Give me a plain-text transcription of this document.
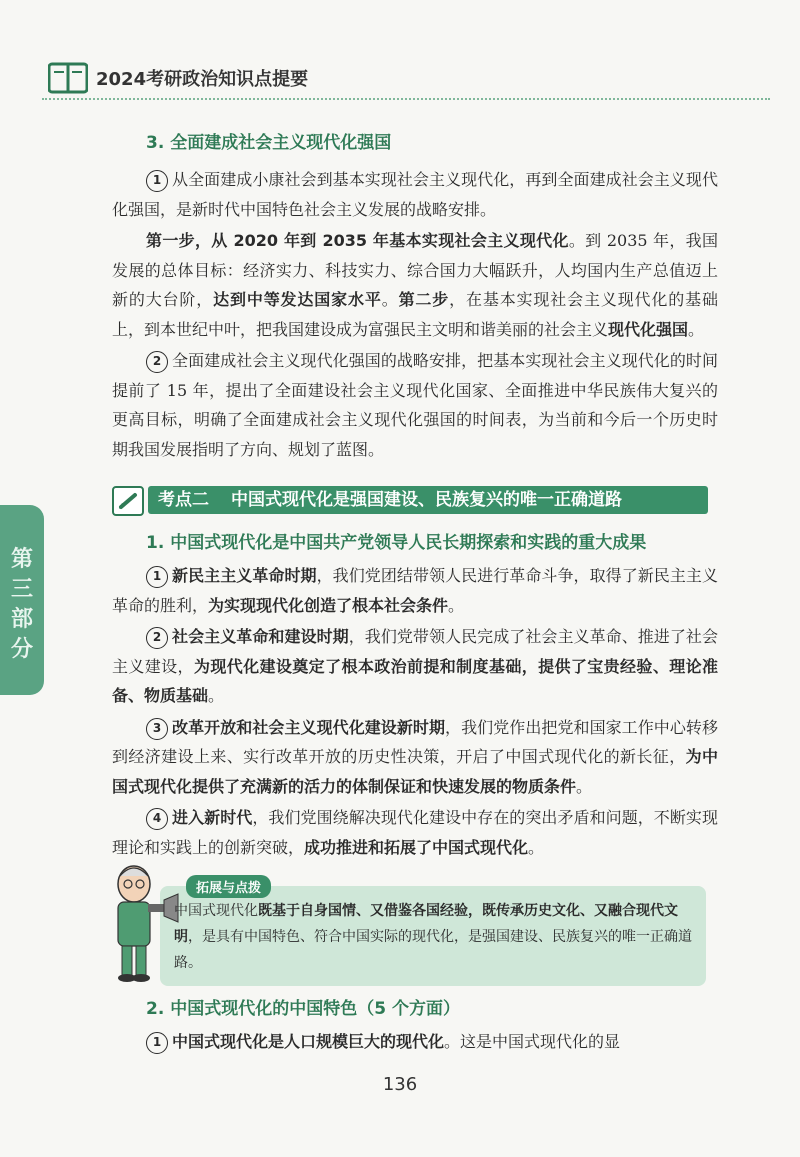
2024考研政治知识点提要
第三部分
3. 全面建成社会主义现代化强国

1 从全面建成小康社会到基本实现社会主义现代化，再到全面建成社会主义现代化强国，是新时代中国特色社会主义发展的战略安排。

第一步，从 2020 年到 2035 年基本实现社会主义现代化。到 2035 年，我国发展的总体目标：经济实力、科技实力、综合国力大幅跃升，人均国内生产总值迈上新的大台阶，达到中等发达国家水平。第二步，在基本实现社会主义现代化的基础上，到本世纪中叶，把我国建设成为富强民主文明和谐美丽的社会主义现代化强国。

2 全面建成社会主义现代化强国的战略安排，把基本实现社会主义现代化的时间提前了 15 年，提出了全面建设社会主义现代化国家、全面推进中华民族伟大复兴的更高目标，明确了全面建成社会主义现代化强国的时间表，为当前和今后一个历史时期我国发展指明了方向、规划了蓝图。

考点二 中国式现代化是强国建设、民族复兴的唯一正确道路
1. 中国式现代化是中国共产党领导人民长期探索和实践的重大成果

1 新民主主义革命时期，我们党团结带领人民进行革命斗争，取得了新民主主义革命的胜利，为实现现代化创造了根本社会条件。

2 社会主义革命和建设时期，我们党带领人民完成了社会主义革命、推进了社会主义建设，为现代化建设奠定了根本政治前提和制度基础，提供了宝贵经验、理论准备、物质基础。

3 改革开放和社会主义现代化建设新时期，我们党作出把党和国家工作中心转移到经济建设上来、实行改革开放的历史性决策，开启了中国式现代化的新长征，为中国式现代化提供了充满新的活力的体制保证和快速发展的物质条件。

4 进入新时代，我们党围绕解决现代化建设中存在的突出矛盾和问题，不断实现理论和实践上的创新突破，成功推进和拓展了中国式现代化。

拓展与点拨
中国式现代化既基于自身国情、又借鉴各国经验，既传承历史文化、又融合现代文明，是具有中国特色、符合中国实际的现代化，是强国建设、民族复兴的唯一正确道路。
2. 中国式现代化的中国特色（5 个方面）

1 中国式现代化是人口规模巨大的现代化。这是中国式现代化的显

136
